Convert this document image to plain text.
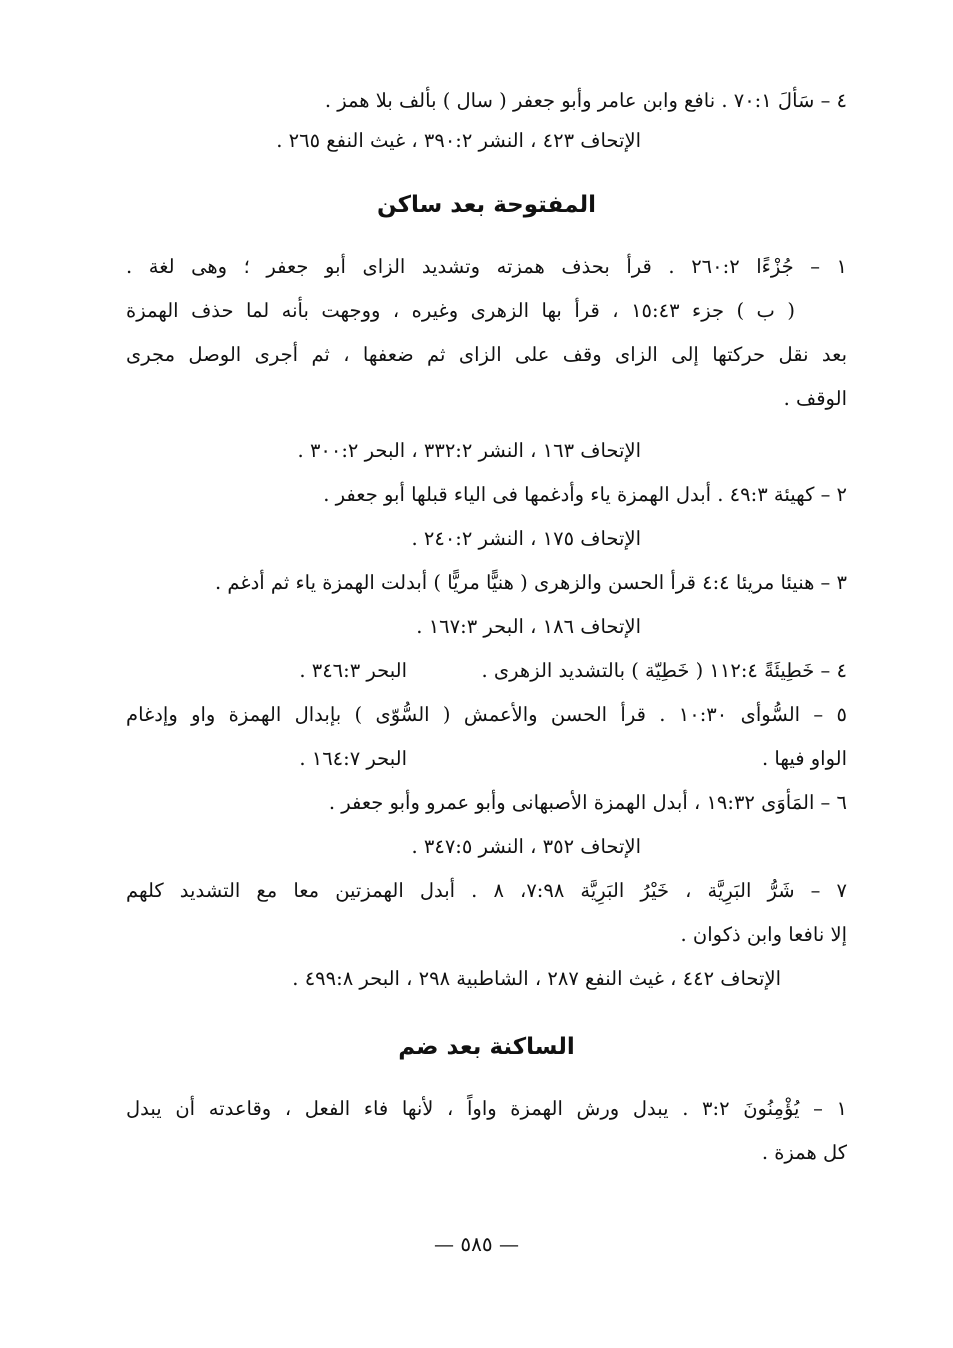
٤ – سَأَلَ ٧٠:١ . نافع وابن عامر وأبو جعفر ( سال ) بألف بلا همز .
الإتحاف ٤٢٣ ، النشر ٣٩٠:٢ ، غيث النفع ٢٦٥ .
المفتوحة بعد ساكن
١ – جُزْءًا ٢٦٠:٢ . قرأ بحذف همزته وتشديد الزاى أبو جعفر ؛ وهى لغة .
( ب ) جزء ١٥:٤٣ ، قرأ بها الزهرى وغيره ، ووجهت بأنه لما حذف الهمزة
بعد نقل حركتها إلى الزاى وقف على الزاى ثم ضعفها ، ثم أجرى الوصل مجرى
الوقف .
الإتحاف ١٦٣ ، النشر ٣٣٢:٢ ، البحر ٣٠٠:٢ .
٢ – كهيئة ٤٩:٣ . أبدل الهمزة ياء وأدغمها فى الياء قبلها أبو جعفر .
الإتحاف ١٧٥ ، النشر ٢٤٠:٢ .
٣ – هنيئا مريئا ٤:٤ قرأ الحسن والزهرى ( هنيًّا مريًّا ) أبدلت الهمزة ياء ثم أدغم .
الإتحاف ١٨٦ ، البحر ١٦٧:٣ .
٤ – خَطِيئَةً ١١٢:٤ ( خَطِيّة ) بالتشديد الزهرى .
البحر ٣٤٦:٣ .
٥ – السُّوأى ١٠:٣٠ . قرأ الحسن والأعمش ( السُّوّى ) بإبدال الهمزة واو وإدغام
الواو فيها .
البحر ١٦٤:٧ .
٦ – المَأْوَى ١٩:٣٢ ، أبدل الهمزة الأصبهانى وأبو عمرو وأبو جعفر .
الإتحاف ٣٥٢ ، النشر ٣٤٧:٥ .
٧ – شَرُّ البَرِيَّة ، خَيْرُ البَرِيَّة ٧:٩٨، ٨ . أبدل الهمزتين معا مع التشديد كلهم
إلا نافعا وابن ذكوان .
الإتحاف ٤٤٢ ، غيث النفع ٢٨٧ ، الشاطبية ٢٩٨ ، البحر ٤٩٩:٨ .
الساكنة بعد ضم
١ – يُؤْمِنُونَ ٣:٢ . يبدل ورش الهمزة واواً ، لأنها فاء الفعل ، وقاعدته أن يبدل
كل همزة .
— ٥٨٥ —
